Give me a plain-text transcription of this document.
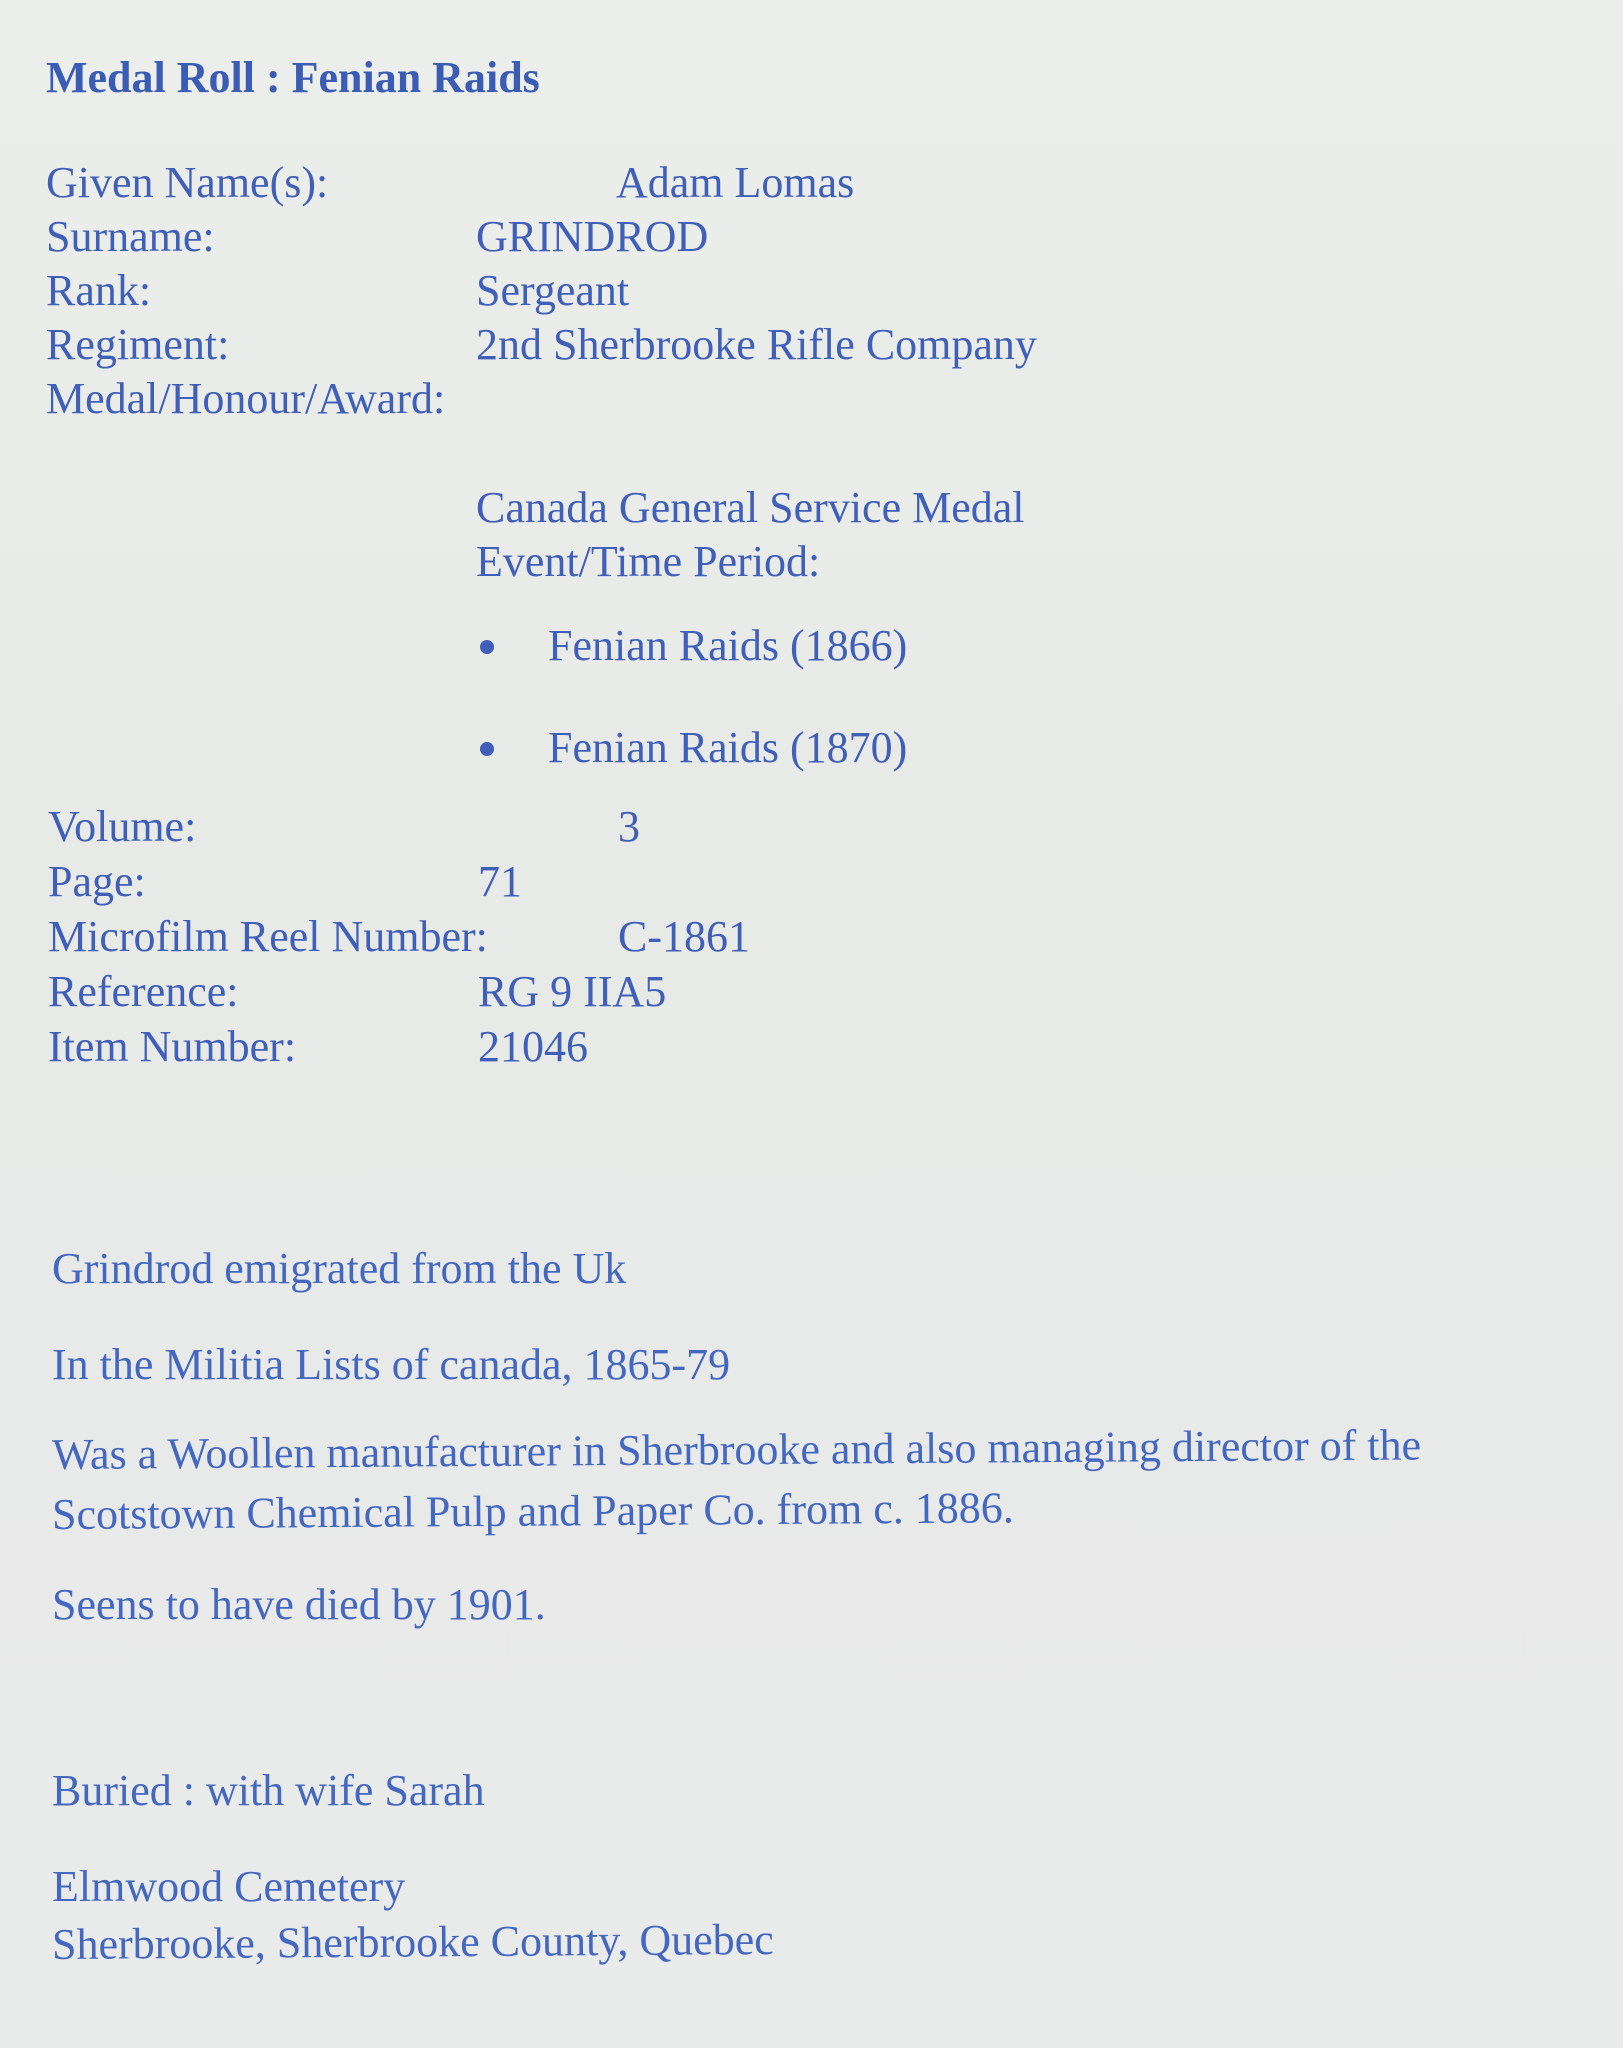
Medal Roll : Fenian Raids
Given Name(s):	Adam Lomas
Surname:	GRINDROD
Rank:	Sergeant
Regiment:	2nd Sherbrooke Rifle Company
Medal/Honour/Award:
Canada General Service Medal
Event/Time Period:
Fenian Raids (1866)
Fenian Raids (1870)
Volume:	3
Page:	71
Microfilm Reel Number:	C-1861
Reference:	RG 9 IIA5
Item Number:	21046
Grindrod emigrated from the Uk
In the Militia Lists of canada, 1865-79
Was a Woollen manufacturer in Sherbrooke and also managing director of the
Scotstown Chemical Pulp and Paper Co. from c. 1886.
Seens to have died by 1901.
Buried : with wife Sarah
Elmwood Cemetery
Sherbrooke, Sherbrooke County, Quebec
